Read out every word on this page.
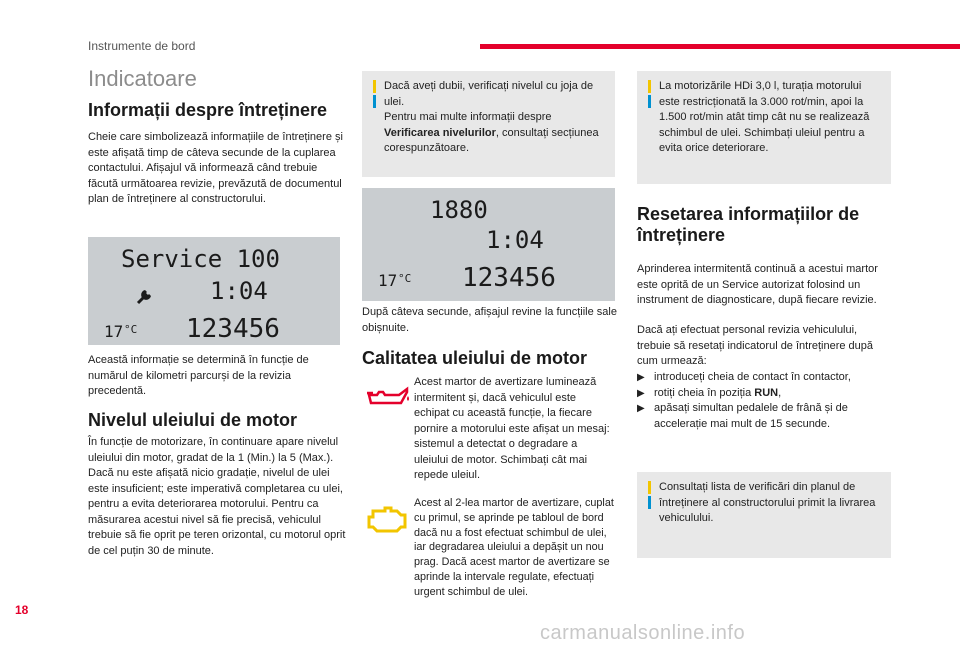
Instrumente de bord
Indicatoare
Informații despre întreținere
Cheie care simbolizează informațiile de întreținere și este afișată timp de câteva secunde de la cuplarea contactului. Afișajul vă informează când trebuie făcută următoarea revizie, prevăzută de documentul plan de întreținere al constructorului.
Service 100
1:04
17 °C 123456
Această informație se determină în funcție de numărul de kilometri parcurși de la revizia precedentă.
Nivelul uleiului de motor
În funcție de motorizare, în continuare apare nivelul uleiului din motor, gradat de la 1 (Min.) la 5 (Max.). Dacă nu este afișată nicio gradație, nivelul de ulei este insuficient; este imperativă completarea cu ulei, pentru a evita deteriorarea motorului. Pentru ca măsurarea acestui nivel să fie precisă, vehiculul trebuie să fie oprit pe teren orizontal, cu motorul oprit de cel puțin 30 de minute.
Dacă aveți dubii, verificați nivelul cu joja de ulei.
Pentru mai multe informații despre Verificarea nivelurilor, consultați secțiunea corespunzătoare.
1880
1:04
17 °C 123456
După câteva secunde, afișajul revine la funcțiile sale obișnuite.
Calitatea uleiului de motor
Acest martor de avertizare luminează intermitent și, dacă vehiculul este echipat cu această funcție, la fiecare pornire a motorului este afișat un mesaj: sistemul a detectat o degradare a uleiului de motor. Schimbați cât mai repede uleiul.
Acest al 2-lea martor de avertizare, cuplat cu primul, se aprinde pe tabloul de bord dacă nu a fost efectuat schimbul de ulei, iar degradarea uleiului a depășit un nou prag. Dacă acest martor de avertizare se aprinde la intervale regulate, efectuați urgent schimbul de ulei.
La motorizările HDi 3,0 l, turația motorului este restricționată la 3.000 rot/min, apoi la 1.500 rot/min atât timp cât nu se realizează schimbul de ulei. Schimbați uleiul pentru a evita orice deteriorare.
Resetarea informațiilor de întreținere
Aprinderea intermitentă continuă a acestui martor este oprită de un Service autorizat folosind un instrument de diagnosticare, după fiecare revizie.
Dacă ați efectuat personal revizia vehiculului, trebuie să resetați indicatorul de întreținere după cum urmează:
▶ introduceți cheia de contact în contactor,
▶ rotiți cheia în poziția RUN,
▶ apăsați simultan pedalele de frână și de accelerație mai mult de 15 secunde.
Consultați lista de verificări din planul de întreținere al constructorului primit la livrarea vehiculului.
18
carmanualsonline.info
